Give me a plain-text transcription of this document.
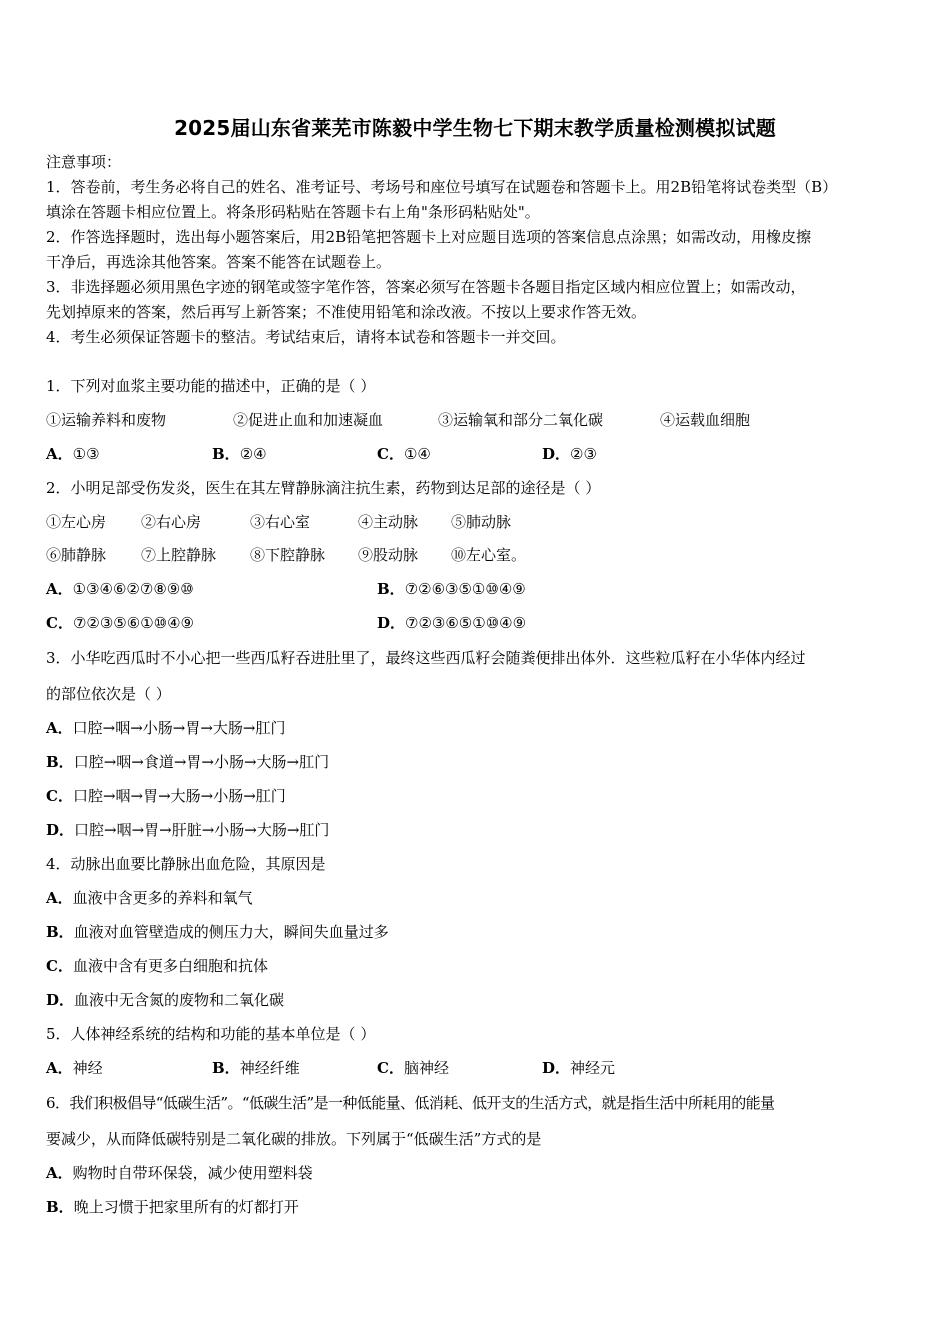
2025届山东省莱芜市陈毅中学生物七下期末教学质量检测模拟试题
注意事项：
1．答卷前，考生务必将自己的姓名、准考证号、考场号和座位号填写在试题卷和答题卡上。用2B铅笔将试卷类型（B）
填涂在答题卡相应位置上。将条形码粘贴在答题卡右上角"条形码粘贴处"。
2．作答选择题时，选出每小题答案后，用2B铅笔把答题卡上对应题目选项的答案信息点涂黑；如需改动，用橡皮擦
干净后，再选涂其他答案。答案不能答在试题卷上。
3．非选择题必须用黑色字迹的钢笔或签字笔作答，答案必须写在答题卡各题目指定区域内相应位置上；如需改动，
先划掉原来的答案，然后再写上新答案；不准使用铅笔和涂改液。不按以上要求作答无效。
4．考生必须保证答题卡的整洁。考试结束后，请将本试卷和答题卡一并交回。
1．下列对血浆主要功能的描述中，正确的是（ ）
①运输养料和废物	②促进止血和加速凝血	③运输氧和部分二氧化碳	④运载血细胞
A．①③	B．②④	C．①④	D．②③
2．小明足部受伤发炎，医生在其左臂静脉滴注抗生素，药物到达足部的途径是（ ）
①左心房 ②右心房	③右心室	④主动脉 ⑤肺动脉
⑥肺静脉 ⑦上腔静脉 ⑧下腔静脉 ⑨股动脉 ⑩左心室。
A．①③④⑥②⑦⑧⑨⑩	B．⑦②⑥③⑤①⑩④⑨
C．⑦②③⑤⑥①⑩④⑨	D．⑦②③⑥⑤①⑩④⑨
3．小华吃西瓜时不小心把一些西瓜籽吞进肚里了，最终这些西瓜籽会随粪便排出体外．这些粒瓜籽在小华体内经过
的部位依次是（ ）
A．口腔→咽→小肠→胃→大肠→肛门
B．口腔→咽→食道→胃→小肠→大肠→肛门
C．口腔→咽→胃→大肠→小肠→肛门
D．口腔→咽→胃→肝脏→小肠→大肠→肛门
4．动脉出血要比静脉出血危险，其原因是
A．血液中含更多的养料和氧气
B．血液对血管壁造成的侧压力大，瞬间失血量过多
C．血液中含有更多白细胞和抗体
D．血液中无含氮的废物和二氧化碳
5．人体神经系统的结构和功能的基本单位是（ ）
A．神经	B．神经纤维	C．脑神经	D．神经元
6．我们积极倡导“低碳生活”。“低碳生活”是一种低能量、低消耗、低开支的生活方式，就是指生活中所耗用的能量
要减少，从而降低碳特别是二氧化碳的排放。下列属于“低碳生活”方式的是
A．购物时自带环保袋，减少使用塑料袋
B．晚上习惯于把家里所有的灯都打开
